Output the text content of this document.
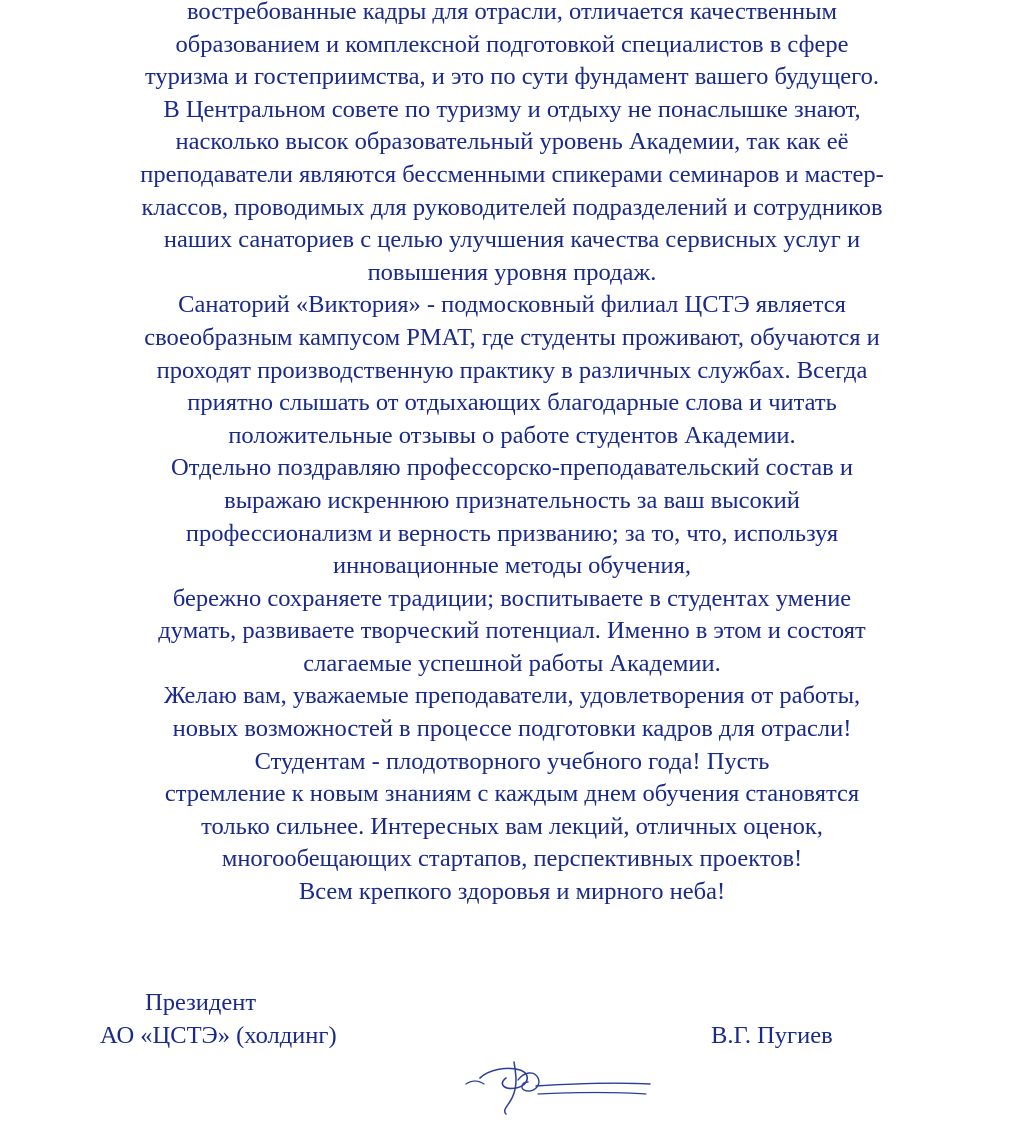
востребованные кадры для отрасли, отличается качественным
образованием и комплексной подготовкой специалистов в сфере
туризма и гостеприимства, и это по сути фундамент вашего будущего.
В Центральном совете по туризму и отдыху не понаслышке знают,
насколько высок образовательный уровень Академии, так как её
преподаватели являются бессменными спикерами семинаров и мастер-
классов, проводимых для руководителей подразделений и сотрудников
наших санаториев с целью улучшения качества сервисных услуг и
повышения уровня продаж.
Санаторий «Виктория» - подмосковный филиал ЦСТЭ является
своеобразным кампусом РМАТ, где студенты проживают, обучаются и
проходят производственную практику в различных службах. Всегда
приятно слышать от отдыхающих благодарные слова и читать
положительные отзывы о работе студентов Академии.
Отдельно поздравляю профессорско-преподавательский состав и
выражаю искреннюю признательность за ваш высокий
профессионализм и верность призванию; за то, что, используя
инновационные методы обучения,
бережно сохраняете традиции; воспитываете в студентах умение
думать, развиваете творческий потенциал. Именно в этом и состоят
слагаемые успешной работы Академии.
Желаю вам, уважаемые преподаватели, удовлетворения от работы,
новых возможностей в процессе подготовки кадров для отрасли!
Студентам - плодотворного учебного года! Пусть
стремление к новым знаниям с каждым днем обучения становятся
только сильнее. Интересных вам лекций, отличных оценок,
многообещающих стартапов, перспективных проектов!
Всем крепкого здоровья и мирного неба!
Президент
АО «ЦСТЭ» (холдинг)	В.Г. Пугиев
